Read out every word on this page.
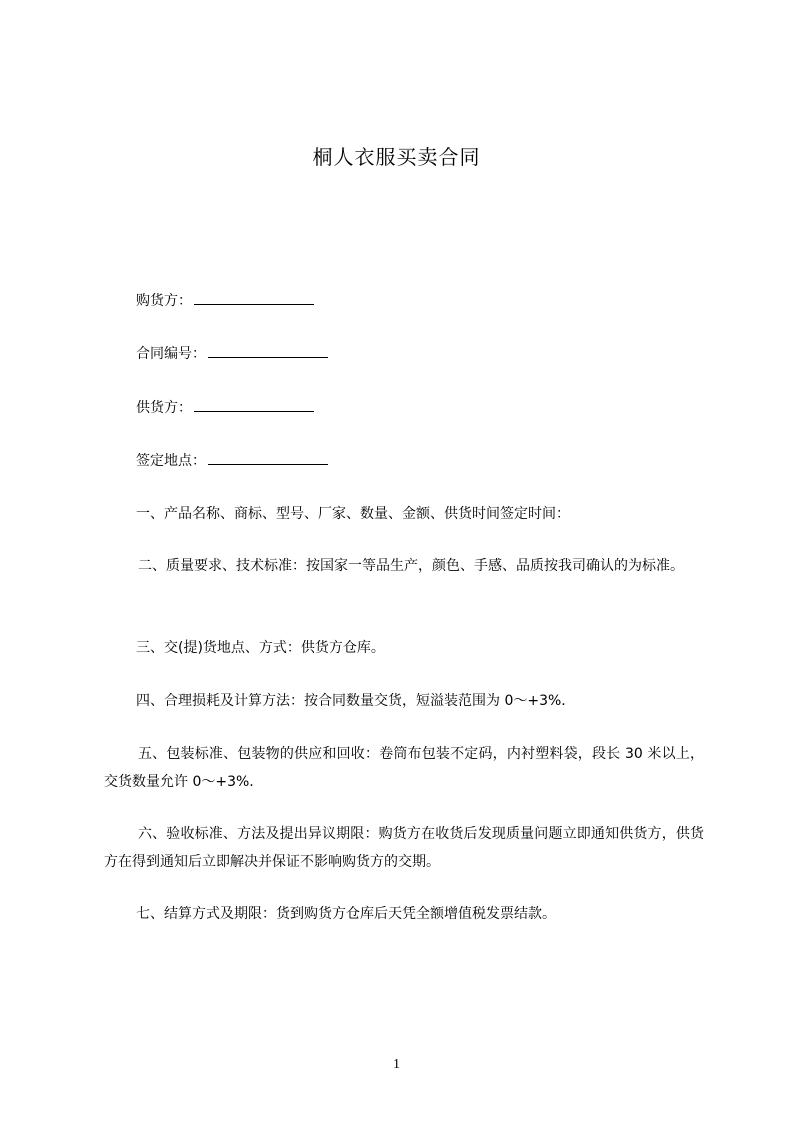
桐人衣服买卖合同
购货方：
合同编号：
供货方：
签定地点：
一、产品名称、商标、型号、厂家、数量、金额、供货时间签定时间：
二、质量要求、技术标准：按国家一等品生产，颜色、手感、品质按我司确认的为标准。
三、交(提)货地点、方式：供货方仓库。
四、合理损耗及计算方法：按合同数量交货，短溢装范围为 0～+3%.
五、包装标准、包装物的供应和回收：卷筒布包装不定码，内衬塑料袋，段长 30 米以上，交货数量允许 0～+3%.
六、验收标准、方法及提出异议期限：购货方在收货后发现质量问题立即通知供货方，供货方在得到通知后立即解决并保证不影响购货方的交期。
七、结算方式及期限：货到购货方仓库后天凭全额增值税发票结款。
1
